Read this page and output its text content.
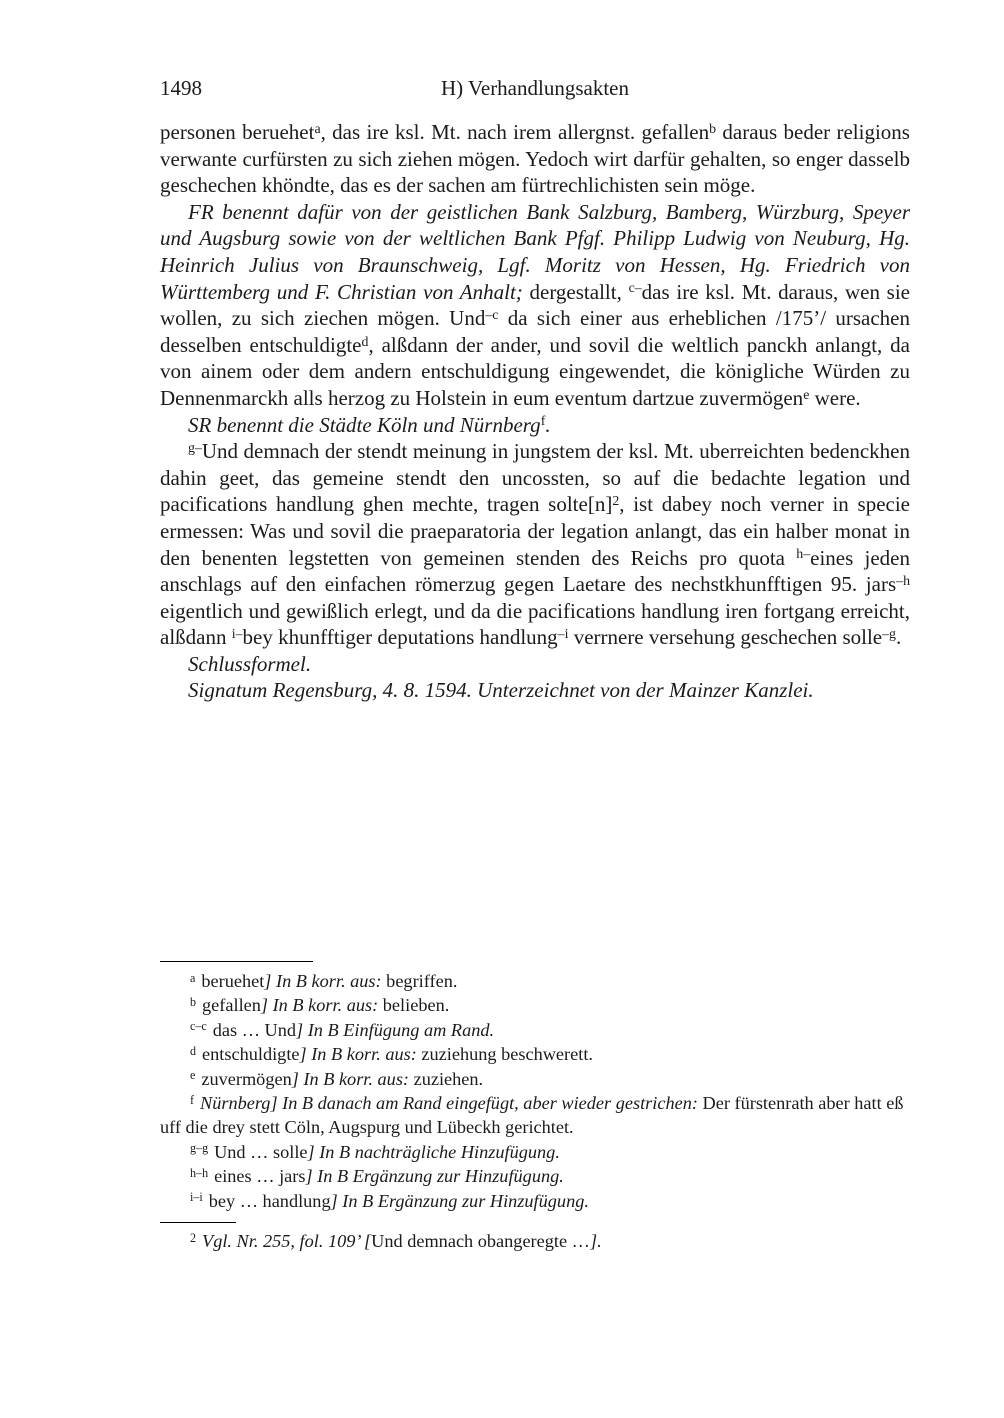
1498	H) Verhandlungsakten

personen beruehet$^a$, das ire ksl. Mt. nach irem allergnst. gefallen$^b$ daraus beder religions verwante curfürsten zu sich ziehen mögen. Yedoch wirt darfür gehalten, so enger dasselb geschechen khöndte, das es der sachen am fürtrechlichisten sein möge.

FR benennt dafür von der geistlichen Bank Salzburg, Bamberg, Würzburg, Speyer und Augsburg sowie von der weltlichen Bank Pfgf. Philipp Ludwig von Neuburg, Hg. Heinrich Julius von Braunschweig, Lgf. Moritz von Hessen, Hg. Friedrich von Württemberg und F. Christian von Anhalt; dergestallt, $^{c-}$das ire ksl. Mt. daraus, wen sie wollen, zu sich ziechen mögen. Und$^{-c}$ da sich einer aus erheblichen /175’/ ursachen desselben entschuldigte$^d$, alßdann der ander, und sovil die weltlich panckh anlangt, da von ainem oder dem andern entschuldigung eingewendet, die königliche Würden zu Dennenmarckh alls herzog zu Holstein in eum eventum dartzue zuvermögen$^e$ were.

SR benennt die Städte Köln und Nürnberg$^f$.

$^{g-}$Und demnach der stendt meinung in jungstem der ksl. Mt. uberreichten bedenckhen dahin geet, das gemeine stendt den uncossten, so auf die bedachte legation und pacifications handlung ghen mechte, tragen $solte[n]^2$, ist dabey noch verner in specie ermessen: Was und sovil die praeparatoria der legation anlangt, das ein halber monat in den benenten legstetten von gemeinen stenden des Reichs pro quota $^{h-}$eines jeden anschlags auf den einfachen römerzug gegen Laetare des nechstkhunfftigen 95. jars$^{-h}$ eigentlich und gewißlich erlegt, und da die pacifications handlung iren fortgang erreicht, alßdann $^{i-}$bey khunfftiger deputations handlung$^{-i}$ verrnere versehung geschechen solle$^{-g}$.

Schlussformel.

Signatum Regensburg, 4. 8. 1594. Unterzeichnet von der Mainzer Kanzlei.

$^a$ beruehet] In B korr. aus: begriffen.
$^b$ gefallen] In B korr. aus: belieben.
$^{c-c}$ das … Und] In B Einfügung am Rand.
$^d$ entschuldigte] In B korr. aus: zuziehung beschwerett.
$^e$ zuvermögen] In B korr. aus: zuziehen.
$^f$ Nürnberg] In B danach am Rand eingefügt, aber wieder gestrichen: Der fürstenrath aber hatt eß uff die drey stett Cöln, Augspurg und Lübeckh gerichtet.
$^{g-g}$ Und … solle] In B nachträgliche Hinzufügung.
$^{h-h}$ eines … jars] In B Ergänzung zur Hinzufügung.
$^{i-i}$ bey … handlung] In B Ergänzung zur Hinzufügung.
$^2$ Vgl. Nr. 255, fol. 109’ [Und demnach obangeregte …].
